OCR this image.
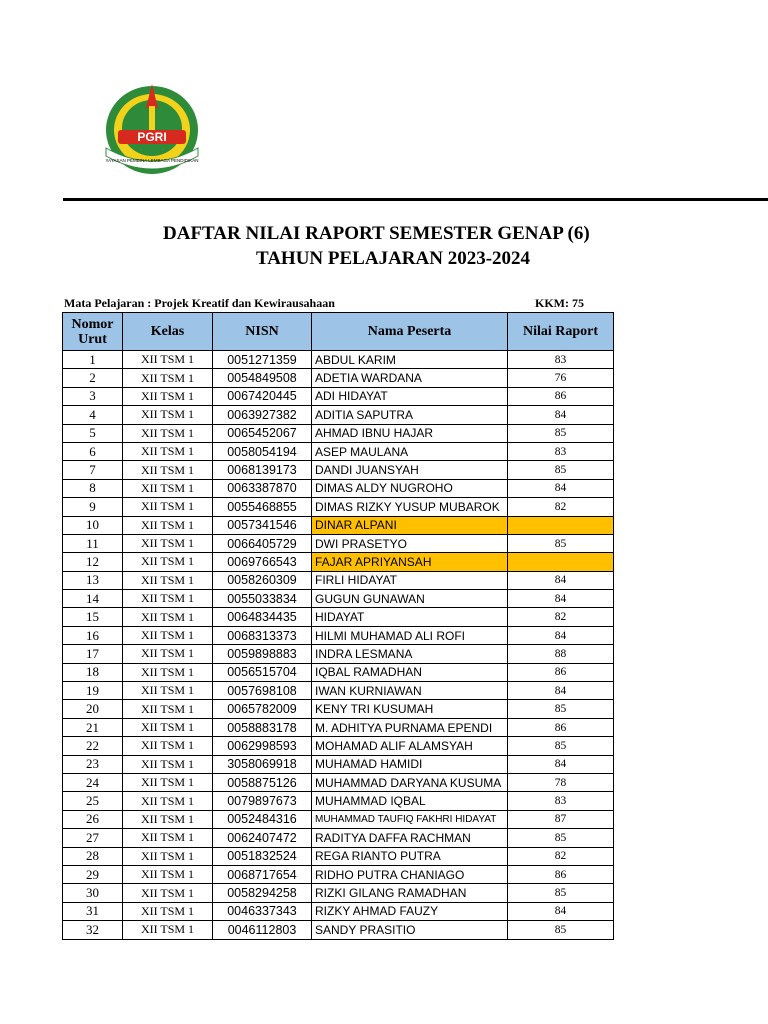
PGRI
YAYASAN PEMBINA LEMBAGA PENDIDIKAN
DAFTAR NILAI RAPORT SEMESTER GENAP (6)
TAHUN PELAJARAN 2023-2024
Mata Pelajaran : Projek Kreatif dan Kewirausahaan	KKM: 75
Nomor
Urut	Kelas	NISN	Nama Peserta	Nilai Raport
1	XII TSM 1	0051271359	ABDUL KARIM	83
2	XII TSM 1	0054849508	ADETIA WARDANA	76
3	XII TSM 1	0067420445	ADI HIDAYAT	86
4	XII TSM 1	0063927382	ADITIA SAPUTRA	84
5	XII TSM 1	0065452067	AHMAD IBNU HAJAR	85
6	XII TSM 1	0058054194	ASEP MAULANA	83
7	XII TSM 1	0068139173	DANDI JUANSYAH	85
8	XII TSM 1	0063387870	DIMAS ALDY NUGROHO	84
9	XII TSM 1	0055468855	DIMAS RIZKY YUSUP MUBAROK	82
10	XII TSM 1	0057341546	DINAR ALPANI	
11	XII TSM 1	0066405729	DWI PRASETYO	85
12	XII TSM 1	0069766543	FAJAR APRIYANSAH	
13	XII TSM 1	0058260309	FIRLI HIDAYAT	84
14	XII TSM 1	0055033834	GUGUN GUNAWAN	84
15	XII TSM 1	0064834435	HIDAYAT	82
16	XII TSM 1	0068313373	HILMI MUHAMAD ALI ROFI	84
17	XII TSM 1	0059898883	INDRA LESMANA	88
18	XII TSM 1	0056515704	IQBAL RAMADHAN	86
19	XII TSM 1	0057698108	IWAN KURNIAWAN	84
20	XII TSM 1	0065782009	KENY TRI KUSUMAH	85
21	XII TSM 1	0058883178	M. ADHITYA PURNAMA EPENDI	86
22	XII TSM 1	0062998593	MOHAMAD ALIF ALAMSYAH	85
23	XII TSM 1	3058069918	MUHAMAD HAMIDI	84
24	XII TSM 1	0058875126	MUHAMMAD DARYANA KUSUMA	78
25	XII TSM 1	0079897673	MUHAMMAD IQBAL	83
26	XII TSM 1	0052484316	MUHAMMAD TAUFIQ FAKHRI HIDAYAT	87
27	XII TSM 1	0062407472	RADITYA DAFFA RACHMAN	85
28	XII TSM 1	0051832524	REGA RIANTO PUTRA	82
29	XII TSM 1	0068717654	RIDHO PUTRA CHANIAGO	86
30	XII TSM 1	0058294258	RIZKI GILANG RAMADHAN	85
31	XII TSM 1	0046337343	RIZKY AHMAD FAUZY	84
32	XII TSM 1	0046112803	SANDY PRASITIO	85
